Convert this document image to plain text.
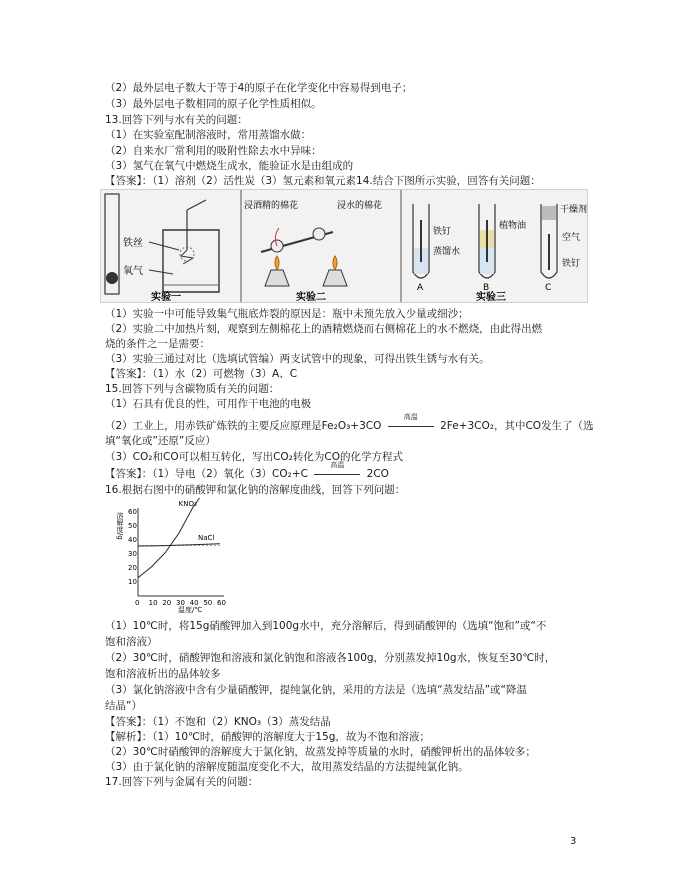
（2）最外层电子数大于等于4的原子在化学变化中容易得到电子；
（3）最外层电子数相同的原子化学性质相似。
13.回答下列与水有关的问题：
（1）在实验室配制溶液时，常用蒸馏水做：
（2）自来水厂常利用的吸附性除去水中异味：
（3）氢气在氧气中燃烧生成水，能验证水是由组成的
【答案】：（1）溶剂（2）活性炭（3）氢元素和氧元素14.结合下图所示实验，回答有关问题：
铁丝
氧气
实验一
浸酒精的棉花	浸水的棉花
实验二
铁钉
蒸馏水
植物油
干燥剂
空气
铁钉
A	B	C
实验三
（1）实验一中可能导致集气瓶底炸裂的原因是：瓶中未预先放入少量或细沙；
（2）实验二中加热片刻，观察到左侧棉花上的酒精燃烧而右侧棉花上的水不燃烧，由此得出燃
烧的条件之一是需要：
（3）实验三通过对比（选填试管编）两支试管中的现象，可得出铁生锈与水有关。
【答案】：（1）水（2）可燃物（3）A、C
15.回答下列与含碳物质有关的问题：
（1）石具有优良的性，可用作干电池的电极
（2）工业上，用赤铁矿炼铁的主要反应原理是Fe₂O₃+3CO
高温
2Fe+3CO₂，其中CO发生了（选
填“氧化或”还原”反应）
（3）CO₂和CO可以相互转化，写出CO₂转化为CO的化学方程式
【答案】：（1）导电（2）氧化（3）CO₂+C
高温
2CO
16.根据右图中的硝酸钾和氯化钠的溶解度曲线，回答下列问题：
溶解度/g
0 10 20 30 40 50 60
10
20
30
40
50
60
KNO₃
NaCl
温度/℃
（1）10℃时，将15g硝酸钾加入到100g水中，充分溶解后，得到硝酸钾的（选填“饱和”或“不
饱和溶液）
（2）30℃时，硝酸钾饱和溶液和氯化钠饱和溶液各100g，分别蒸发掉10g水，恢复至30℃时，
饱和溶液析出的晶体较多
（3）氯化钠溶液中含有少量硝酸钾，提纯氯化钠，采用的方法是（选填“蒸发结晶”或“降温
结晶”）
【答案】：（1）不饱和（2）KNO₃（3）蒸发结晶
【解析】：（1）10℃时，硝酸钾的溶解度大于15g，故为不饱和溶液；
（2）30℃时硝酸钾的溶解度大于氯化钠，故蒸发掉等质量的水时，硝酸钾析出的晶体较多；
（3）由于氯化钠的溶解度随温度变化不大，故用蒸发结晶的方法提纯氯化钠。
17.回答下列与金属有关的问题：
3
